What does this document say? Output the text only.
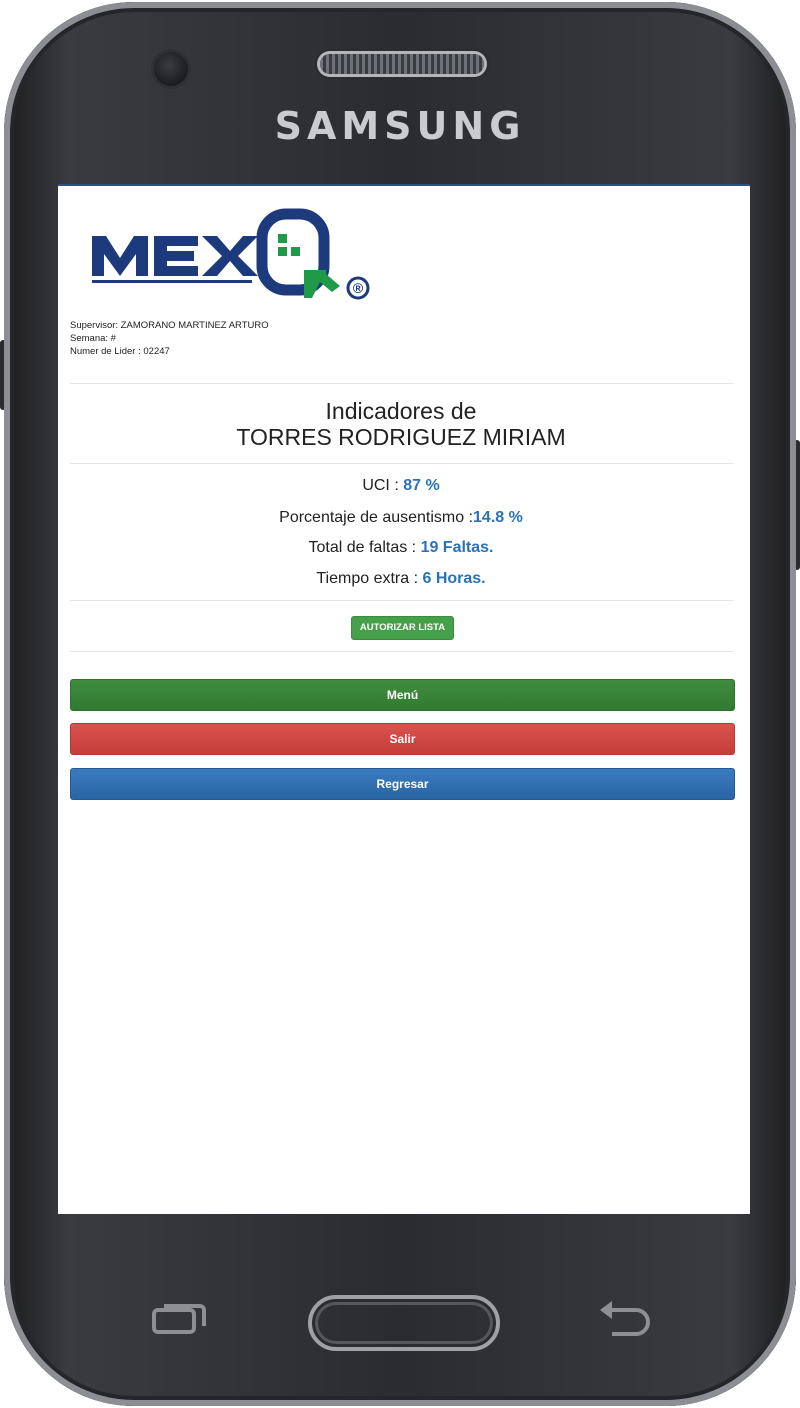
SAMSUNG
®
Supervisor: ZAMORANO MARTINEZ ARTURO
Semana: #
Numer de Lider : 02247
Indicadores de
TORRES RODRIGUEZ MIRIAM
UCI : 87 %
Porcentaje de ausentismo :14.8 %
Total de faltas : 19 Faltas.
Tiempo extra : 6 Horas.
AUTORIZAR LISTA
Menú
Salir
Regresar
